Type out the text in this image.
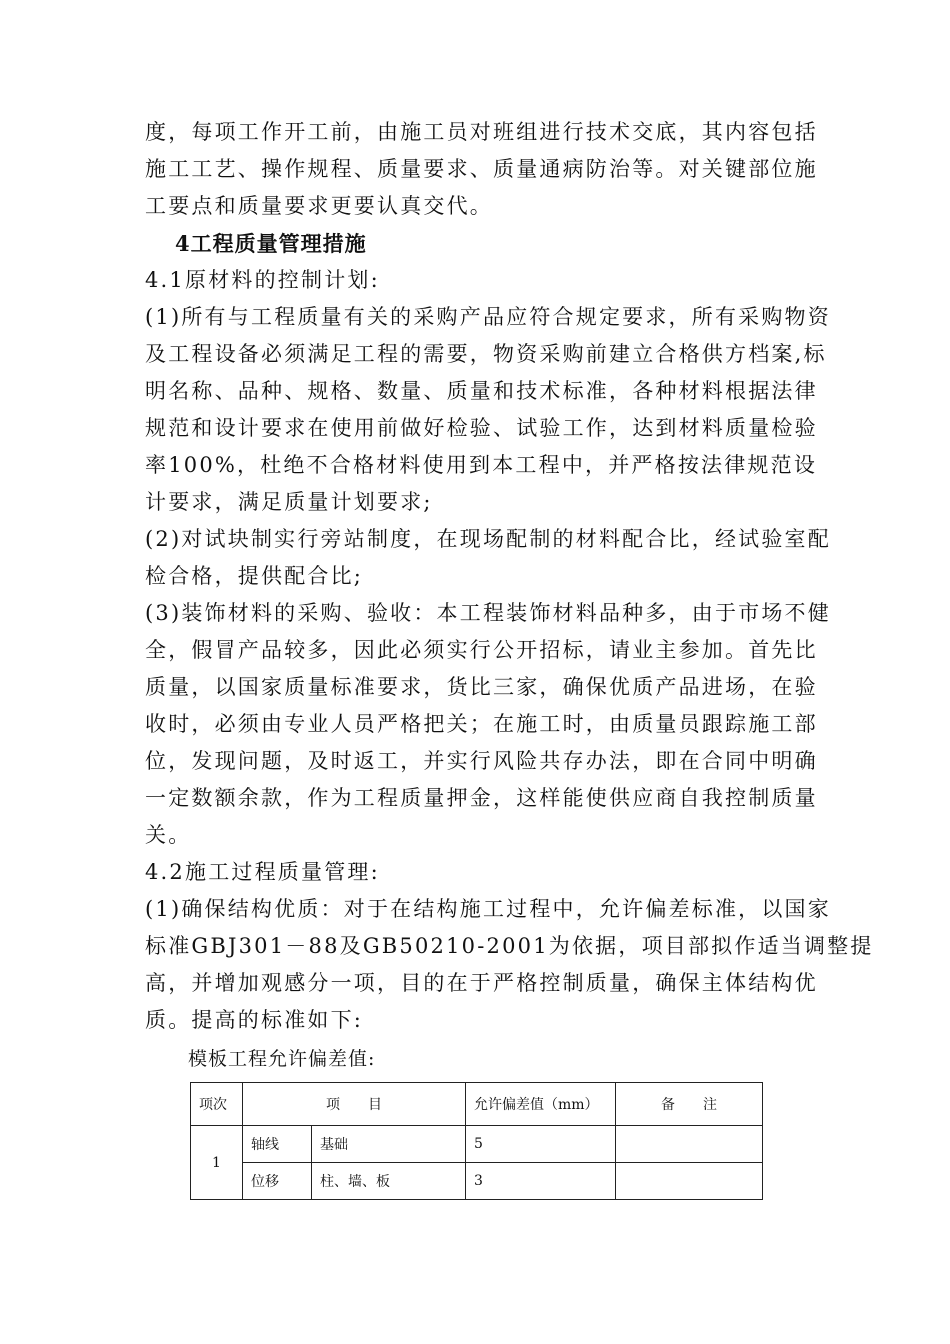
度，每项工作开工前，由施工员对班组进行技术交底，其内容包括
施工工艺、操作规程、质量要求、质量通病防治等。对关键部位施
工要点和质量要求更要认真交代。
4工程质量管理措施
4.1原材料的控制计划:
(1)所有与工程质量有关的采购产品应符合规定要求，所有采购物资
及工程设备必须满足工程的需要，物资采购前建立合格供方档案,标
明名称、品种、规格、数量、质量和技术标准，各种材料根据法律
规范和设计要求在使用前做好检验、试验工作，达到材料质量检验
率100%，杜绝不合格材料使用到本工程中，并严格按法律规范设
计要求，满足质量计划要求;
(2)对试块制实行旁站制度，在现场配制的材料配合比，经试验室配
检合格，提供配合比;
(3)装饰材料的采购、验收：本工程装饰材料品种多，由于市场不健
全，假冒产品较多，因此必须实行公开招标，请业主参加。首先比
质量，以国家质量标准要求，货比三家，确保优质产品进场，在验
收时，必须由专业人员严格把关；在施工时，由质量员跟踪施工部
位，发现问题，及时返工，并实行风险共存办法，即在合同中明确
一定数额余款，作为工程质量押金，这样能使供应商自我控制质量
关。
4.2施工过程质量管理:
(1)确保结构优质：对于在结构施工过程中，允许偏差标准，以国家
标准GBJ301－88及GB50210-2001为依据，项目部拟作适当调整提
高，并增加观感分一项，目的在于严格控制质量，确保主体结构优
质。提高的标准如下:
模板工程允许偏差值:
项次	项　　目		允许偏差值（mm）	备　　注
1	轴线	基础	5	
	位移	柱、墙、板	3	
